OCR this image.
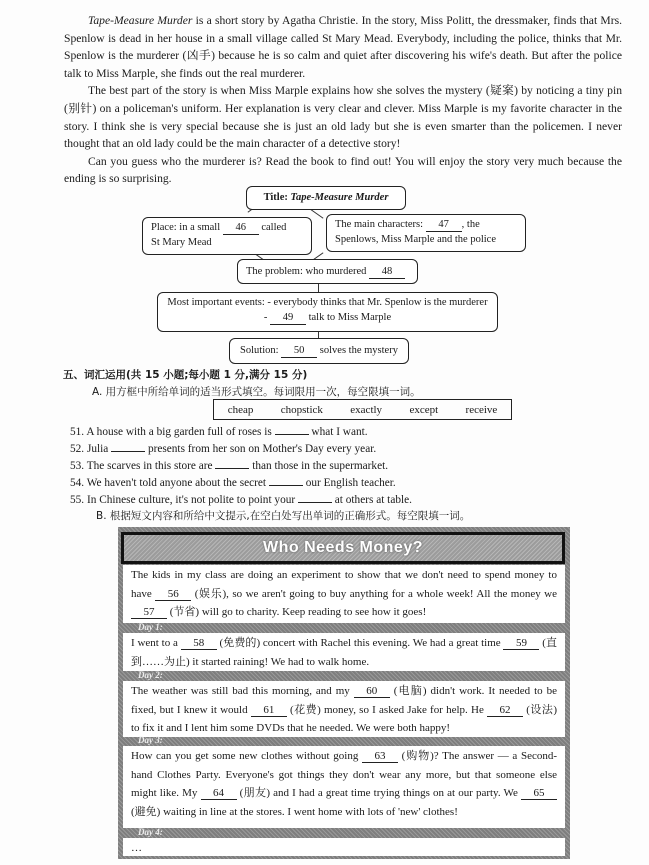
Tape-Measure Murder is a short story by Agatha Christie. In the story, Miss Politt, the dressmaker, finds that Mrs. Spenlow is dead in her house in a small village called St Mary Mead. Everybody, including the police, thinks that Mr. Spenlow is the murderer (凶手) because he is so calm and quiet after discovering his wife's death. But after the police talk to Miss Marple, she finds out the real murderer.

The best part of the story is when Miss Marple explains how she solves the mystery (疑案) by noticing a tiny pin (别针) on a policeman's uniform. Her explanation is very clear and clever. Miss Marple is my favorite character in the story. I think she is very special because she is just an old lady but she is even smarter than the policemen. I never thought that an old lady could be the main character of a detective story!

Can you guess who the murderer is? Read the book to find out! You will enjoy the story very much because the ending is so surprising.

Title: Tape-Measure Murder
Place: in a small 46 called
St Mary Mead
The main characters: 47 , the
Spenlows, Miss Marple and the police
The problem: who murdered 48
Most important events: - everybody thinks that Mr. Spenlow is the murderer
- 49 talk to Miss Marple
Solution: 50 solves the mystery
五、词汇运用(共 15 小题;每小题 1 分,满分 15 分)
A. 用方框中所给单词的适当形式填空。每词限用一次，每空限填一词。
cheap chopstick exactly except receive
51. A house with a big garden full of roses is	what I want.
52. Julia	presents from her son on Mother's Day every year.
53. The scarves in this store are	than those in the supermarket.
54. We haven't told anyone about the secret	our English teacher.
55. In Chinese culture, it's not polite to point your	at others at table.
B. 根据短文内容和所给中文提示,在空白处写出单词的正确形式。每空限填一词。
Who Needs Money?
The kids in my class are doing an experiment to show that we don't need to spend money to have 56 (娱乐), so we aren't going to buy anything for a whole week! All the money we 57 (节省) will go to charity. Keep reading to see how it goes!
Day 1:
I went to a 58 (免费的) concert with Rachel this evening. We had a great time 59 (直到……为止) it started raining! We had to walk home.
Day 2:
The weather was still bad this morning, and my 60 (电脑) didn't work. It needed to be fixed, but I knew it would 61 (花费) money, so I asked Jake for help. He 62 (设法) to fix it and I lent him some DVDs that he needed. We were both happy!
Day 3:
How can you get some new clothes without going 63 (购物)? The answer — a Second-hand Clothes Party. Everyone's got things they don't wear any more, but that someone else might like. My 64 (朋友) and I had a great time trying things on at our party. We 65 (避免) waiting in line at the stores. I went home with lots of 'new' clothes!
Day 4:
…
